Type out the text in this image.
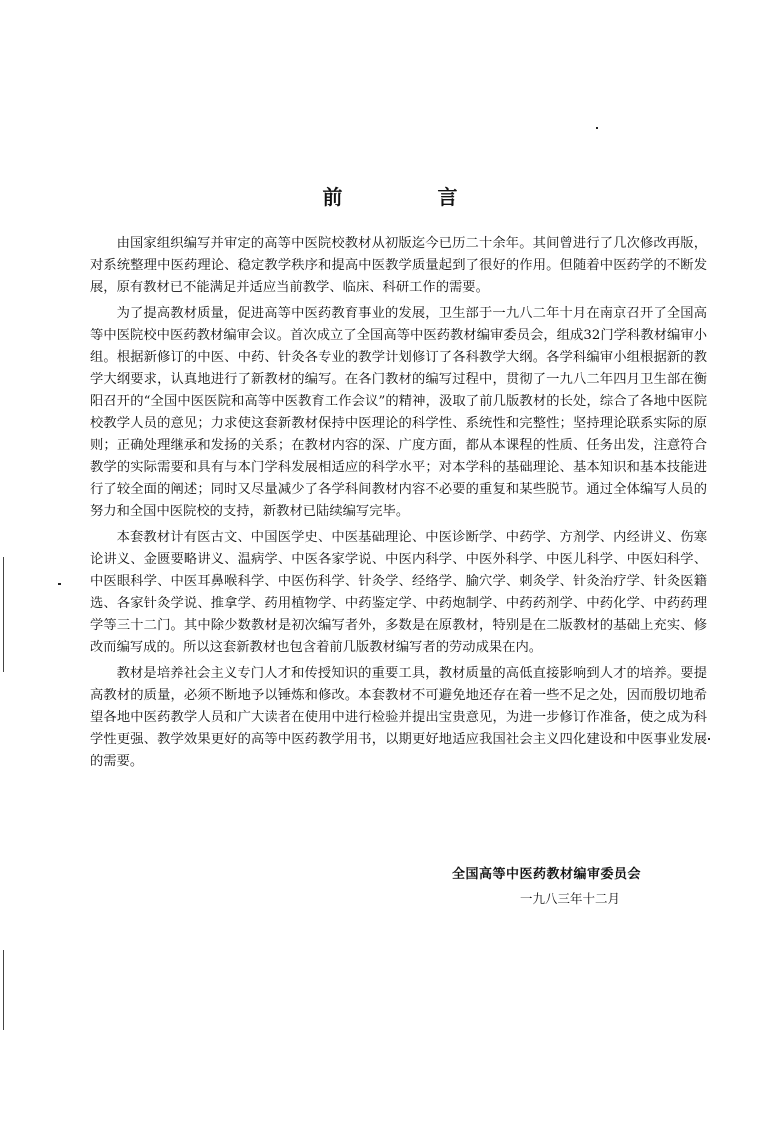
前 言

由国家组织编写并审定的高等中医院校教材从初版迄今已历二十余年。其间曾进行了几次修改再版，对系统整理中医药理论、稳定教学秩序和提高中医教学质量起到了很好的作用。但随着中医药学的不断发展，原有教材已不能满足并适应当前教学、临床、科研工作的需要。

为了提高教材质量，促进高等中医药教育事业的发展，卫生部于一九八二年十月在南京召开了全国高等中医院校中医药教材编审会议。首次成立了全国高等中医药教材编审委员会，组成32门学科教材编审小组。根据新修订的中医、中药、针灸各专业的教学计划修订了各科教学大纲。各学科编审小组根据新的教学大纲要求，认真地进行了新教材的编写。在各门教材的编写过程中，贯彻了一九八二年四月卫生部在衡阳召开的“全国中医医院和高等中医教育工作会议”的精神，汲取了前几版教材的长处，综合了各地中医院校教学人员的意见；力求使这套新教材保持中医理论的科学性、系统性和完整性；坚持理论联系实际的原则；正确处理继承和发扬的关系；在教材内容的深、广度方面，都从本课程的性质、任务出发，注意符合教学的实际需要和具有与本门学科发展相适应的科学水平；对本学科的基础理论、基本知识和基本技能进行了较全面的阐述；同时又尽量减少了各学科间教材内容不必要的重复和某些脱节。通过全体编写人员的努力和全国中医院校的支持，新教材已陆续编写完毕。

本套教材计有医古文、中国医学史、中医基础理论、中医诊断学、中药学、方剂学、内经讲义、伤寒论讲义、金匮要略讲义、温病学、中医各家学说、中医内科学、中医外科学、中医儿科学、中医妇科学、中医眼科学、中医耳鼻喉科学、中医伤科学、针灸学、经络学、腧穴学、刺灸学、针灸治疗学、针灸医籍选、各家针灸学说、推拿学、药用植物学、中药鉴定学、中药炮制学、中药药剂学、中药化学、中药药理学等三十二门。其中除少数教材是初次编写者外，多数是在原教材，特别是在二版教材的基础上充实、修改而编写成的。所以这套新教材也包含着前几版教材编写者的劳动成果在内。

教材是培养社会主义专门人才和传授知识的重要工具，教材质量的高低直接影响到人才的培养。要提高教材的质量，必须不断地予以锤炼和修改。本套教材不可避免地还存在着一些不足之处，因而殷切地希望各地中医药教学人员和广大读者在使用中进行检验并提出宝贵意见，为进一步修订作准备，使之成为科学性更强、教学效果更好的高等中医药教学用书，以期更好地适应我国社会主义四化建设和中医事业发展的需要。

全国高等中医药教材编审委员会
一九八三年十二月
